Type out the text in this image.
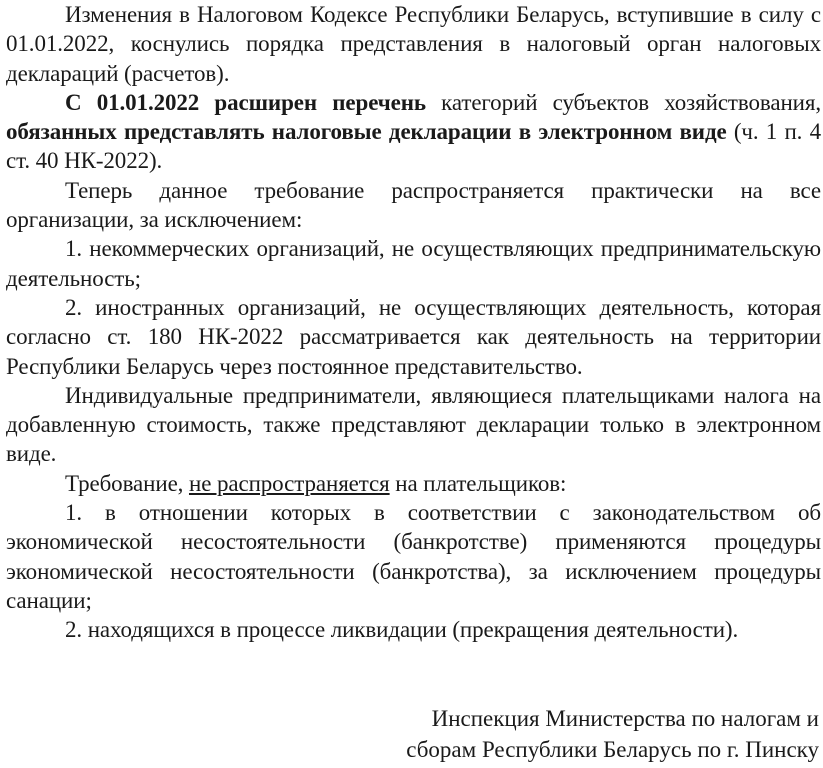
Изменения в Налоговом Кодексе Республики Беларусь, вступившие в силу с 01.01.2022, коснулись порядка представления в налоговый орган налоговых деклараций (расчетов).

С 01.01.2022 расширен перечень категорий субъектов хозяйствования, обязанных представлять налоговые декларации в электронном виде (ч. 1 п. 4 ст. 40 НК-2022).

Теперь данное требование распространяется практически на все организации, за исключением:

1. некоммерческих организаций, не осуществляющих предпринимательскую деятельность;

2. иностранных организаций, не осуществляющих деятельность, которая согласно ст. 180 НК-2022 рассматривается как деятельность на территории Республики Беларусь через постоянное представительство.

Индивидуальные предприниматели, являющиеся плательщиками налога на добавленную стоимость, также представляют декларации только в электронном виде.

Требование, не распространяется на плательщиков:

1. в отношении которых в соответствии с законодательством об экономической несостоятельности (банкротстве) применяются процедуры экономической несостоятельности (банкротства), за исключением процедуры санации;

2. находящихся в процессе ликвидации (прекращения деятельности).

Инспекция Министерства по налогам и
сборам Республики Беларусь по г. Пинску
